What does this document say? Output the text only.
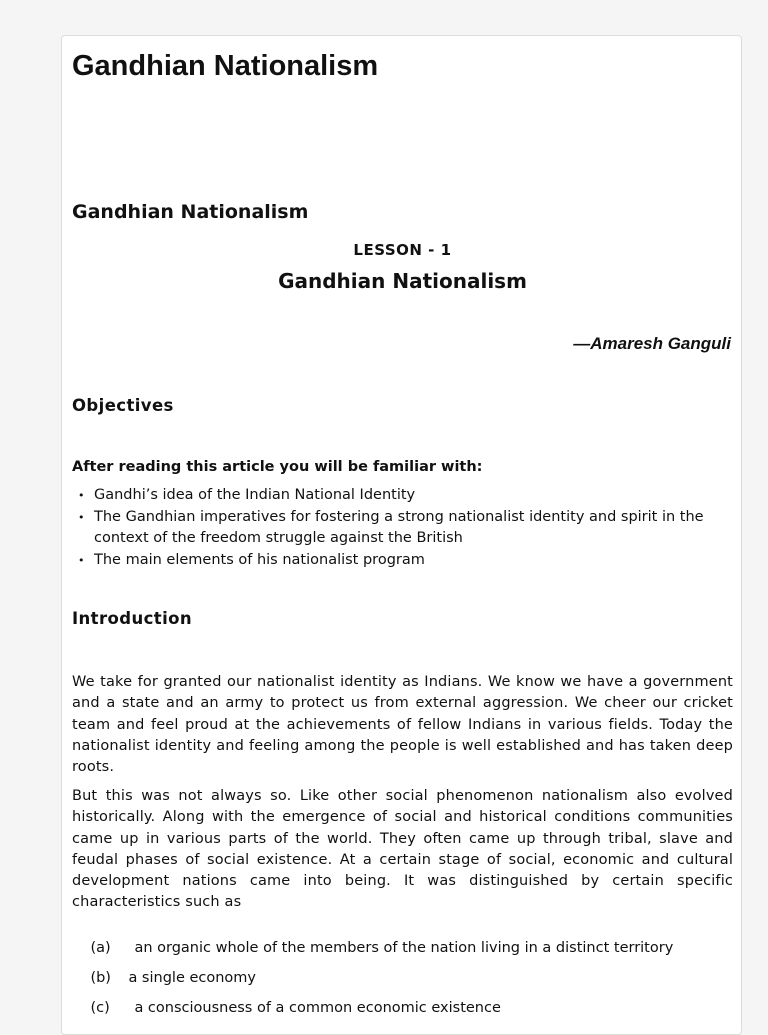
Gandhian Nationalism
Gandhian Nationalism
LESSON - 1
Gandhian Nationalism
—Amaresh Ganguli
Objectives
After reading this article you will be familiar with:
• Gandhi’s idea of the Indian National Identity
• The Gandhian imperatives for fostering a strong nationalist identity and spirit in the context of the freedom struggle against the British
• The main elements of his nationalist program
Introduction

We take for granted our nationalist identity as Indians. We know we have a government and a state and an army to protect us from external aggression. We cheer our cricket team and feel proud at the achievements of fellow Indians in various fields. Today the nationalist identity and feeling among the people is well established and has taken deep roots.

But this was not always so. Like other social phenomenon nationalism also evolved historically. Along with the emergence of social and historical conditions communities came up in various parts of the world. They often came up through tribal, slave and feudal phases of social existence. At a certain stage of social, economic and cultural development nations came into being. It was distinguished by certain specific characteristics such as

(a) an organic whole of the members of the nation living in a distinct territory

(b) a single economy

(c) a consciousness of a common economic existence
